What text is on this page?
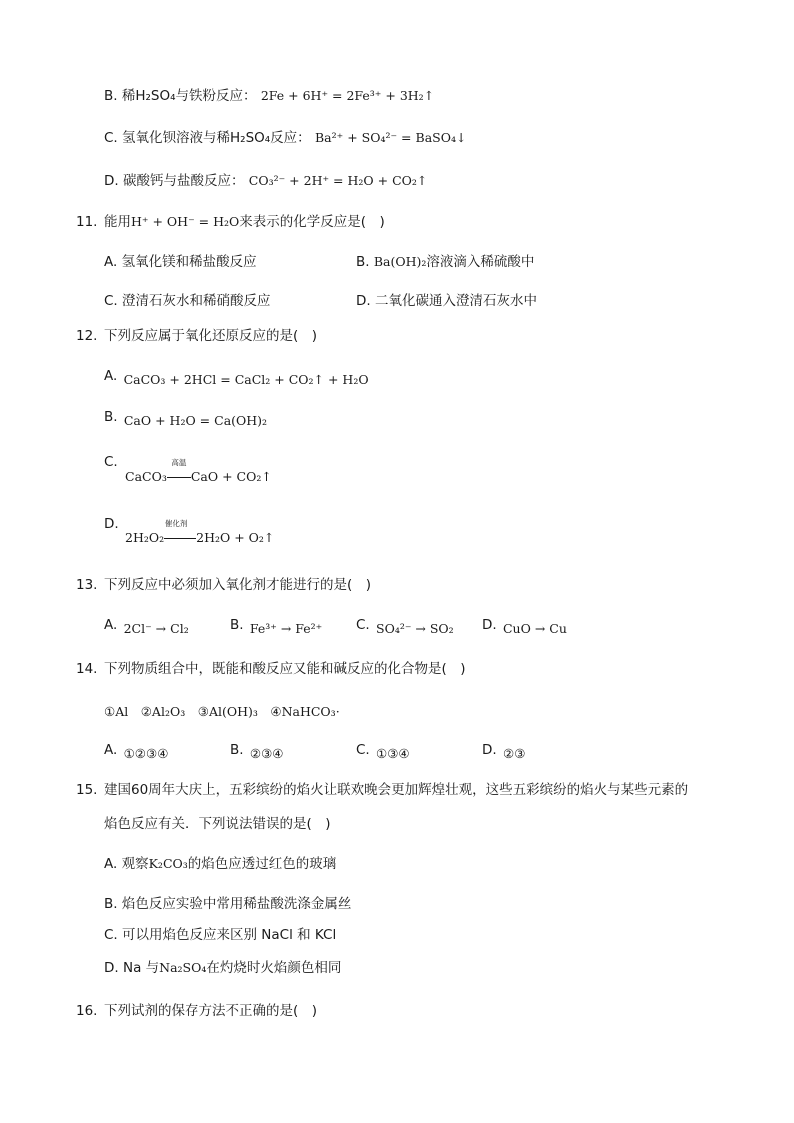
B. 稀H₂SO₄与铁粉反应： 2Fe + 6H⁺ = 2Fe³⁺ + 3H₂↑
C. 氢氧化钡溶液与稀H₂SO₄反应： Ba²⁺ + SO₄²⁻ = BaSO₄↓
D. 碳酸钙与盐酸反应： CO₃²⁻ + 2H⁺ = H₂O + CO₂↑
11. 能用H⁺ + OH⁻ = H₂O来表示的化学反应是(　)
A. 氢氧化镁和稀盐酸反应	B. Ba(OH)₂溶液滴入稀硫酸中
C. 澄清石灰水和稀硝酸反应	D. 二氧化碳通入澄清石灰水中
12. 下列反应属于氧化还原反应的是(　)
A. CaCO₃ + 2HCl = CaCl₂ + CO₂↑ + H₂O
B. CaO + H₂O = Ca(OH)₂
C.
CaCO₃
高温
CaO + CO₂↑
D.
2H₂O₂
催化剂
2H₂O + O₂↑
13. 下列反应中必须加入氧化剂才能进行的是(　)
A. 2Cl⁻ → Cl₂	B. Fe³⁺ → Fe²⁺ C. SO₄²⁻ → SO₂ D. CuO → Cu
14. 下列物质组合中，既能和酸反应又能和碱反应的化合物是(　)
①Al　②Al₂O₃　③Al(OH)₃　④NaHCO₃·
A. ①②③④	B. ②③④	C. ①③④	D. ②③
15. 建国60周年大庆上，五彩缤纷的焰火让联欢晚会更加辉煌壮观，这些五彩缤纷的焰火与某些元素的
焰色反应有关．下列说法错误的是(　)
A. 观察K₂CO₃的焰色应透过红色的玻璃
B. 焰色反应实验中常用稀盐酸洗涤金属丝
C. 可以用焰色反应来区别 NaCl 和 KCl
D. Na 与Na₂SO₄在灼烧时火焰颜色相同
16. 下列试剂的保存方法不正确的是(　)
